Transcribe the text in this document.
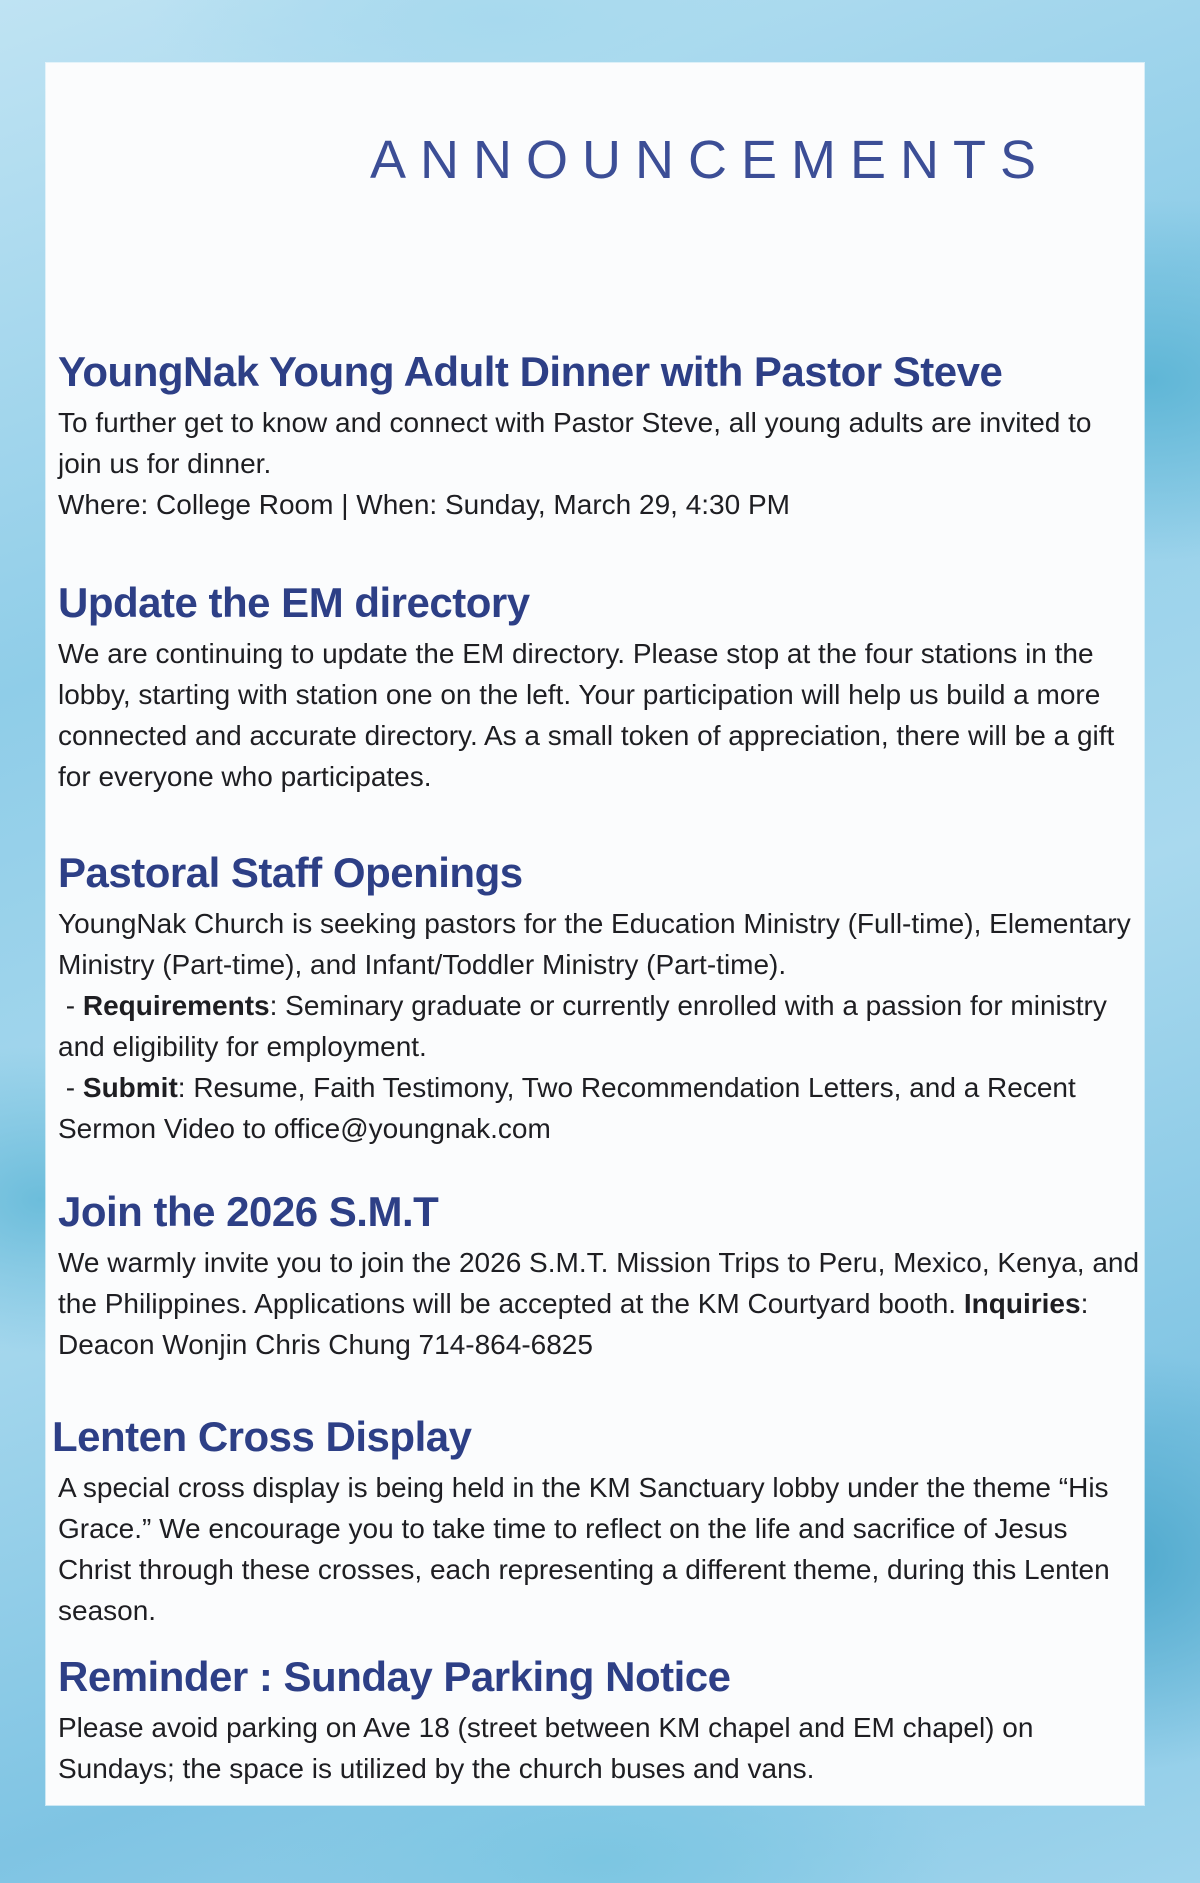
ANNOUNCEMENTS
YoungNak Young Adult Dinner with Pastor Steve

To further get to know and connect with Pastor Steve, all young adults are invited to join us for dinner.

Where: College Room | When: Sunday, March 29, 4:30 PM

Update the EM directory

We are continuing to update the EM directory. Please stop at the four stations in the lobby, starting with station one on the left. Your participation will help us build a more connected and accurate directory. As a small token of appreciation, there will be a gift for everyone who participates.

Pastoral Staff Openings

YoungNak Church is seeking pastors for the Education Ministry (Full-time), Elementary Ministry (Part-time), and Infant/Toddler Ministry (Part-time).

- Requirements: Seminary graduate or currently enrolled with a passion for ministry and eligibility for employment.

- Submit: Resume, Faith Testimony, Two Recommendation Letters, and a Recent Sermon Video to office@youngnak.com

Join the 2026 S.M.T

We warmly invite you to join the 2026 S.M.T. Mission Trips to Peru, Mexico, Kenya, and the Philippines. Applications will be accepted at the KM Courtyard booth. Inquiries: Deacon Wonjin Chris Chung 714-864-6825

Lenten Cross Display

A special cross display is being held in the KM Sanctuary lobby under the theme “His Grace.” We encourage you to take time to reflect on the life and sacrifice of Jesus Christ through these crosses, each representing a different theme, during this Lenten season.

Reminder : Sunday Parking Notice

Please avoid parking on Ave 18 (street between KM chapel and EM chapel) on Sundays; the space is utilized by the church buses and vans.
